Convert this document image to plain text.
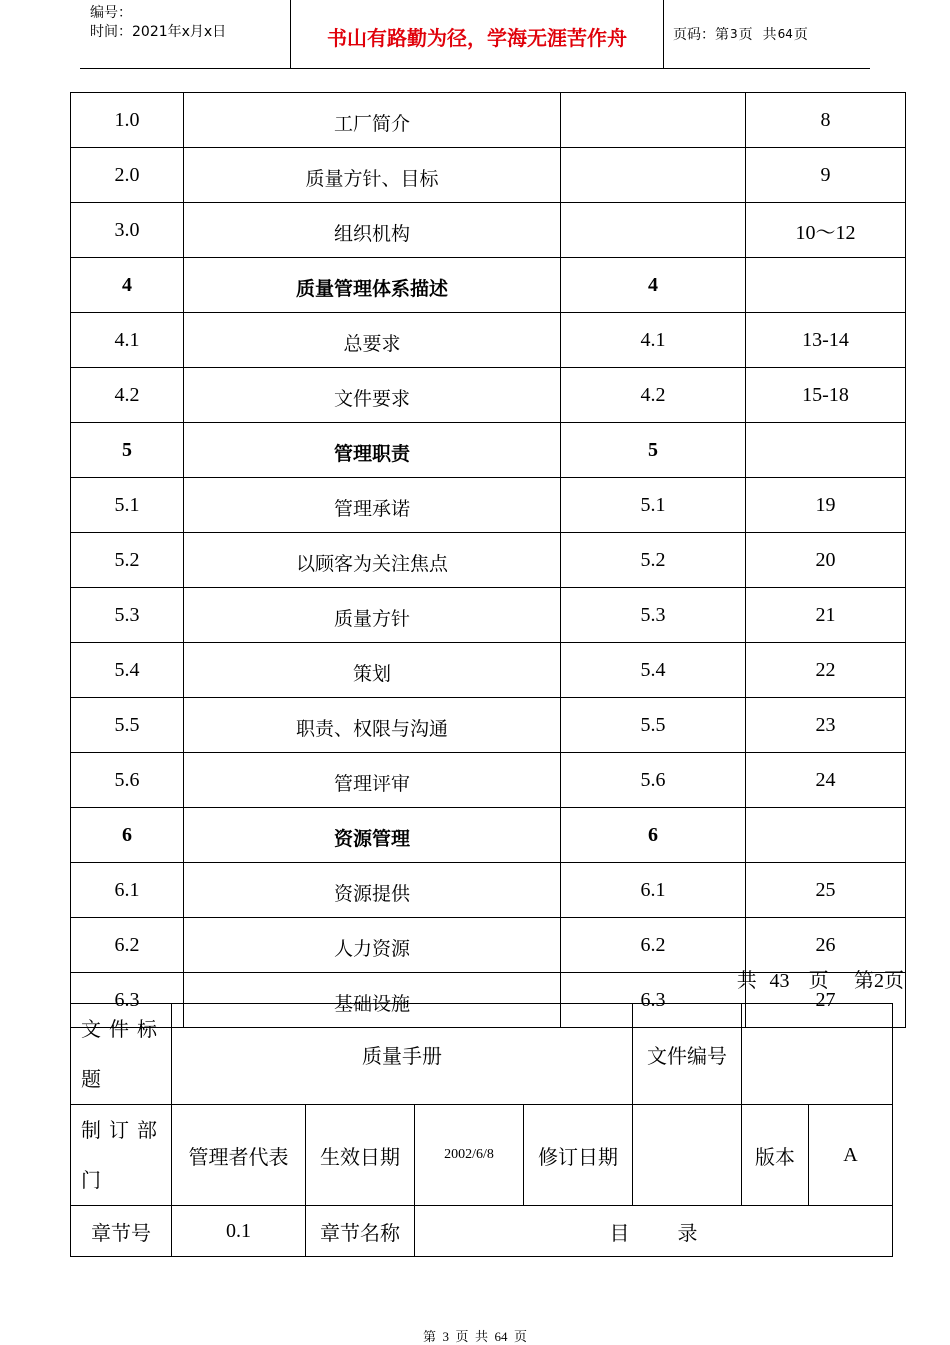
编号：
时间：2021年x月x日	书山有路勤为径，学海无涯苦作舟	页码：第 3 页 共 64 页
1.0	工厂简介		8
2.0	质量方针、目标		9
3.0	组织机构		10～12
4	质量管理体系描述	4	
4.1	总要求	4.1	13-14
4.2	文件要求	4.2	15-18
5	管理职责	5	
5.1	管理承诺	5.1	19
5.2	以顾客为关注焦点	5.2	20
5.3	质量方针	5.3	21
5.4	策划	5.4	22
5.5	职责、权限与沟通	5.5	23
5.6	管理评审	5.6	24
6	资源管理	6	
6.1	资源提供	6.1	25
6.2	人力资源	6.2	26
6.3	基础设施	6.3	27
共 43 页 第2页
文件标题	质量手册				文件编号		
制订部门	管理者代表	生效日期	2002/6/8	修订日期		版本	A
章节号	0.1	章节名称	目 录				
第 3 页 共 64 页
